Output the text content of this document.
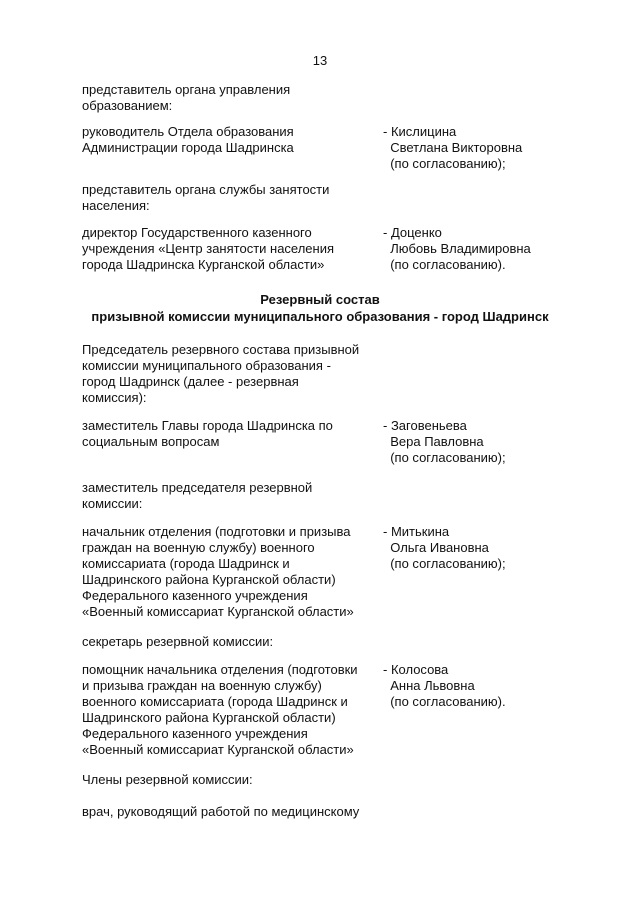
13
представитель органа управления
образованием:
руководитель Отдела образования
Администрации города Шадринска
- Кислицина
Светлана Викторовна
(по согласованию);
представитель органа службы занятости
населения:
директор Государственного казенного
учреждения «Центр занятости населения
города Шадринска Курганской области»
- Доценко
Любовь Владимировна
(по согласованию).
Резервный состав
призывной комиссии муниципального образования - город Шадринск
Председатель резервного состава призывной
комиссии муниципального образования -
город Шадринск (далее - резервная
комиссия):
заместитель Главы города Шадринска по
социальным вопросам
- Заговеньева
Вера Павловна
(по согласованию);
заместитель председателя резервной
комиссии:
начальник отделения (подготовки и призыва
граждан на военную службу) военного
комиссариата (города Шадринск и
Шадринского района Курганской области)
Федерального казенного учреждения
«Военный комиссариат Курганской области»
- Митькина
Ольга Ивановна
(по согласованию);
секретарь резервной комиссии:
помощник начальника отделения (подготовки
и призыва граждан на военную службу)
военного комиссариата (города Шадринск и
Шадринского района Курганской области)
Федерального казенного учреждения
«Военный комиссариат Курганской области»
- Колосова
Анна Львовна
(по согласованию).
Члены резервной комиссии:
врач, руководящий работой по медицинскому
